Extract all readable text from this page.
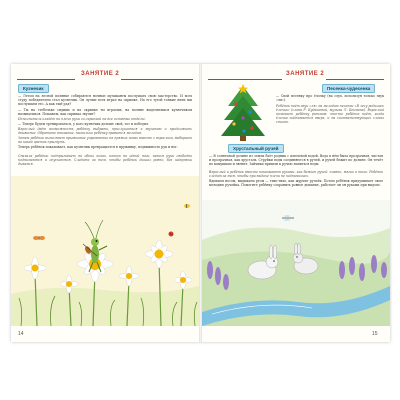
ЗАНЯТИЕ 2
Кузнечик

— Летом на лесной полянке собираются ночные музыканты послушать свою мастерство. И всех сгуду победителем стал кузнечик. Он лучше всех играл на скрипке. На его тугой тонкие нити мы послушаем его. А как ещё рад?

— Ты на стебельке сидишь и на скрипке ты играешь, на поляне выделяешься кузнечиком называешься. Покажем, как скрипка звучит?

Исполнитель кладёт на плечо руки со скрипкой на все основные отделы.

— Теперь будем тренироваться, у кого кузнечик дольше свой, тот и победил.

Взрослый даёт возможность ребёнку выбрать, прислушаться к звучанию и продолжить движение. Обратите внимание, насколько ребёнку нравится мелодия.

Затем ребёнок выполняет прыжковое упражнение на прямых ногах вместе с взрослым, выбирает на какой цветок прыгнуть.

Теперь ребёнок показывает, как кузнечик превращается в пружинку, подвижность рук и ног.

Сначала ребёнок подпрыгивает на обеих ногах, потом на одной ноге, затем руки свободно поднимаются и опускаются. Следите за тем, чтобы ребёнок дышал ровно, без задержки дыхания.

14
ЗАНЯТИЕ 2
Песенка-чудесенка

— Свой песенку про ёлочку (на слух, используя только звук «ля»).

Ребёнок поёт звук «ля» на мелодию песенки «В лесу родилась ёлочка» (слова Р. Кудашевой, музыка Л. Бекмана). Взрослый помогает ребёнку ритмом: что-то ребёнок поёт, когда ёлочка поднимается вверх, и на соответствующих слогах стоит.

Хрустальный ручей

— В солнечной долине из земли бьёт родник с ключевой водой. Вода в нём была прозрачная, чистая и прозрачная, как хрусталь. Струйки воды соединяются в ручей, и ручей бежит по долине. Он течёт по камушкам и звенит. Зайчики пришли к ручью напиться воды.

Взрослый и ребёнок вместе показывают руками, как бежит ручей: плавно, мягко и тихо. Ребёнок следит за тем, чтобы при выдохе плечи не поднимались.

Вдыхаем носом, выдыхаем ртом — тихо-тихо, как журчит ручеёк. Потом ребёнок придумывает свою мелодию ручейка. Помогите ребёнку сохранить ровное дыхание, работает ли он руками при выдохе.

15
